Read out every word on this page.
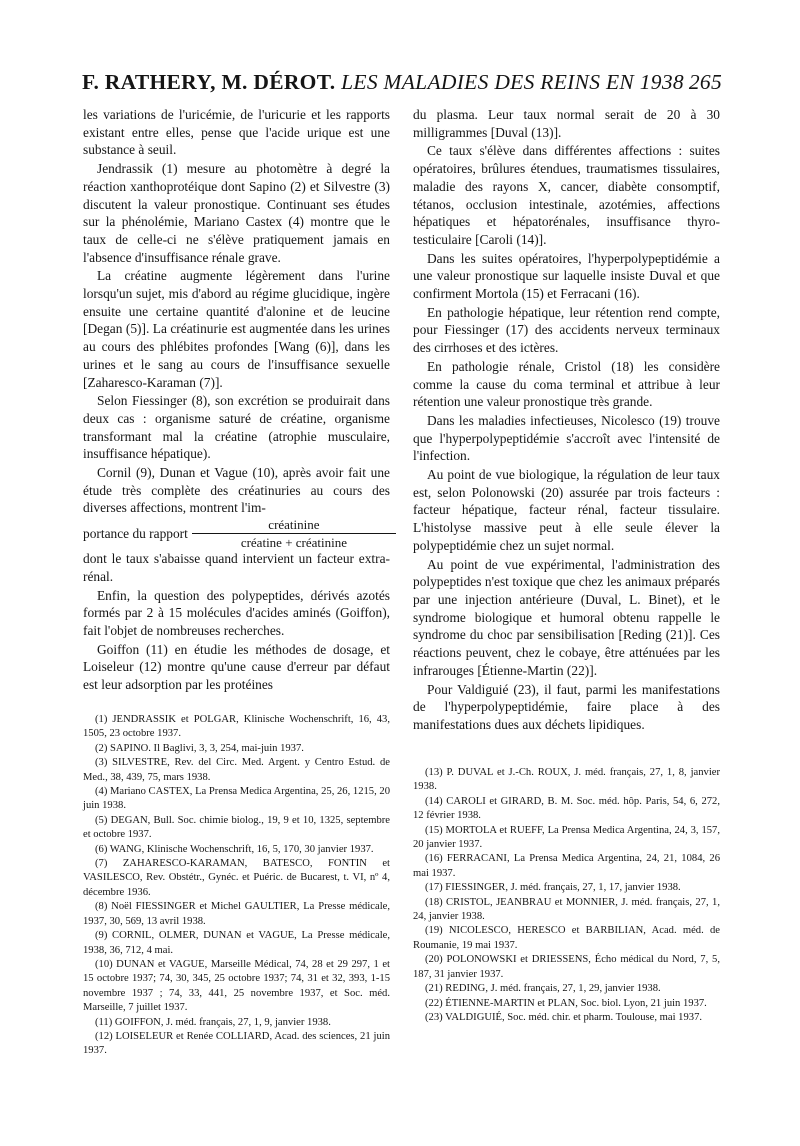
F. RATHERY, M. DÉROT. LES MALADIES DES REINS EN 1938 265

les variations de l'uricémie, de l'uricurie et les rapports existant entre elles, pense que l'acide urique est une substance à seuil.

Jendrassik (1) mesure au photomètre à degré la réaction xanthoprotéique dont Sapino (2) et Silvestre (3) discutent la valeur pronostique. Continuant ses études sur la phénolémie, Mariano Castex (4) montre que le taux de celle-ci ne s'élève pratiquement jamais en l'absence d'insuffisance rénale grave.

La créatine augmente légèrement dans l'urine lorsqu'un sujet, mis d'abord au régime glucidique, ingère ensuite une certaine quantité d'alonine et de leucine [Degan (5)]. La créatinurie est augmentée dans les urines au cours des phlébites profondes [Wang (6)], dans les urines et le sang au cours de l'insuffisance sexuelle [Zaharesco-Karaman (7)].

Selon Fiessinger (8), son excrétion se produirait dans deux cas : organisme saturé de créatine, organisme transformant mal la créatine (atrophie musculaire, insuffisance hépatique).

Cornil (9), Dunan et Vague (10), après avoir fait une étude très complète des créatinuries au cours des diverses affections, montrent l'im-

portance du rapport $\frac{\text{créatinine}}{\text{créatine + créatinine}}$

dont le taux s'abaisse quand intervient un facteur extra-rénal.

Enfin, la question des polypeptides, dérivés azotés formés par 2 à 15 molécules d'acides aminés (Goiffon), fait l'objet de nombreuses recherches.

Goiffon (11) en étudie les méthodes de dosage, et Loiseleur (12) montre qu'une cause d'erreur par défaut est leur adsorption par les protéines

du plasma. Leur taux normal serait de 20 à 30 milligrammes [Duval (13)].

Ce taux s'élève dans différentes affections : suites opératoires, brûlures étendues, traumatismes tissulaires, maladie des rayons X, cancer, diabète consomptif, tétanos, occlusion intestinale, azotémies, affections hépatiques et hépatorénales, insuffisance thyro-testiculaire [Caroli (14)].

Dans les suites opératoires, l'hyperpolypeptidémie a une valeur pronostique sur laquelle insiste Duval et que confirment Mortola (15) et Ferracani (16).

En pathologie hépatique, leur rétention rend compte, pour Fiessinger (17) des accidents nerveux terminaux des cirrhoses et des ictères.

En pathologie rénale, Cristol (18) les considère comme la cause du coma terminal et attribue à leur rétention une valeur pronostique très grande.

Dans les maladies infectieuses, Nicolesco (19) trouve que l'hyperpolypeptidémie s'accroît avec l'intensité de l'infection.

Au point de vue biologique, la régulation de leur taux est, selon Polonowski (20) assurée par trois facteurs : facteur hépatique, facteur rénal, facteur tissulaire. L'histolyse massive peut à elle seule élever la polypeptidémie chez un sujet normal.

Au point de vue expérimental, l'administration des polypeptides n'est toxique que chez les animaux préparés par une injection antérieure (Duval, L. Binet), et le syndrome biologique et humoral obtenu rappelle le syndrome du choc par sensibilisation [Reding (21)]. Ces réactions peuvent, chez le cobaye, être atténuées par les infrarouges [Étienne-Martin (22)].

Pour Valdiguié (23), il faut, parmi les manifestations de l'hyperpolypeptidémie, faire place à des manifestations dues aux déchets lipidiques.

(1) JENDRASSIK et POLGAR, Klinische Wochenschrift, 16, 43, 1505, 23 octobre 1937.

(2) SAPINO. Il Baglivi, 3, 3, 254, mai-juin 1937.

(3) SILVESTRE, Rev. del Circ. Med. Argent. y Centro Estud. de Med., 38, 439, 75, mars 1938.

(4) Mariano CASTEX, La Prensa Medica Argentina, 25, 26, 1215, 20 juin 1938.

(5) DEGAN, Bull. Soc. chimie biolog., 19, 9 et 10, 1325, septembre et octobre 1937.

(6) WANG, Klinische Wochenschrift, 16, 5, 170, 30 janvier 1937.

(7) ZAHARESCO-KARAMAN, BATESCO, FONTIN et VASILESCO, Rev. Obstétr., Gynéc. et Puéric. de Bucarest, t. VI, nº 4, décembre 1936.

(8) Noël FIESSINGER et Michel GAULTIER, La Presse médicale, 1937, 30, 569, 13 avril 1938.

(9) CORNIL, OLMER, DUNAN et VAGUE, La Presse médicale, 1938, 36, 712, 4 mai.

(10) DUNAN et VAGUE, Marseille Médical, 74, 28 et 29 297, 1 et 15 octobre 1937; 74, 30, 345, 25 octobre 1937; 74, 31 et 32, 393, 1-15 novembre 1937 ; 74, 33, 441, 25 novembre 1937, et Soc. méd. Marseille, 7 juillet 1937.

(11) GOIFFON, J. méd. français, 27, 1, 9, janvier 1938.

(12) LOISELEUR et Renée COLLIARD, Acad. des sciences, 21 juin 1937.

(13) P. DUVAL et J.-Ch. ROUX, J. méd. français, 27, 1, 8, janvier 1938.

(14) CAROLI et GIRARD, B. M. Soc. méd. hôp. Paris, 54, 6, 272, 12 février 1938.

(15) MORTOLA et RUEFF, La Prensa Medica Argentina, 24, 3, 157, 20 janvier 1937.

(16) FERRACANI, La Prensa Medica Argentina, 24, 21, 1084, 26 mai 1937.

(17) FIESSINGER, J. méd. français, 27, 1, 17, janvier 1938.

(18) CRISTOL, JEANBRAU et MONNIER, J. méd. français, 27, 1, 24, janvier 1938.

(19) NICOLESCO, HERESCO et BARBILIAN, Acad. méd. de Roumanie, 19 mai 1937.

(20) POLONOWSKI et DRIESSENS, Écho médical du Nord, 7, 5, 187, 31 janvier 1937.

(21) REDING, J. méd. français, 27, 1, 29, janvier 1938.

(22) ÉTIENNE-MARTIN et PLAN, Soc. biol. Lyon, 21 juin 1937.

(23) VALDIGUIÉ, Soc. méd. chir. et pharm. Toulouse, mai 1937.
